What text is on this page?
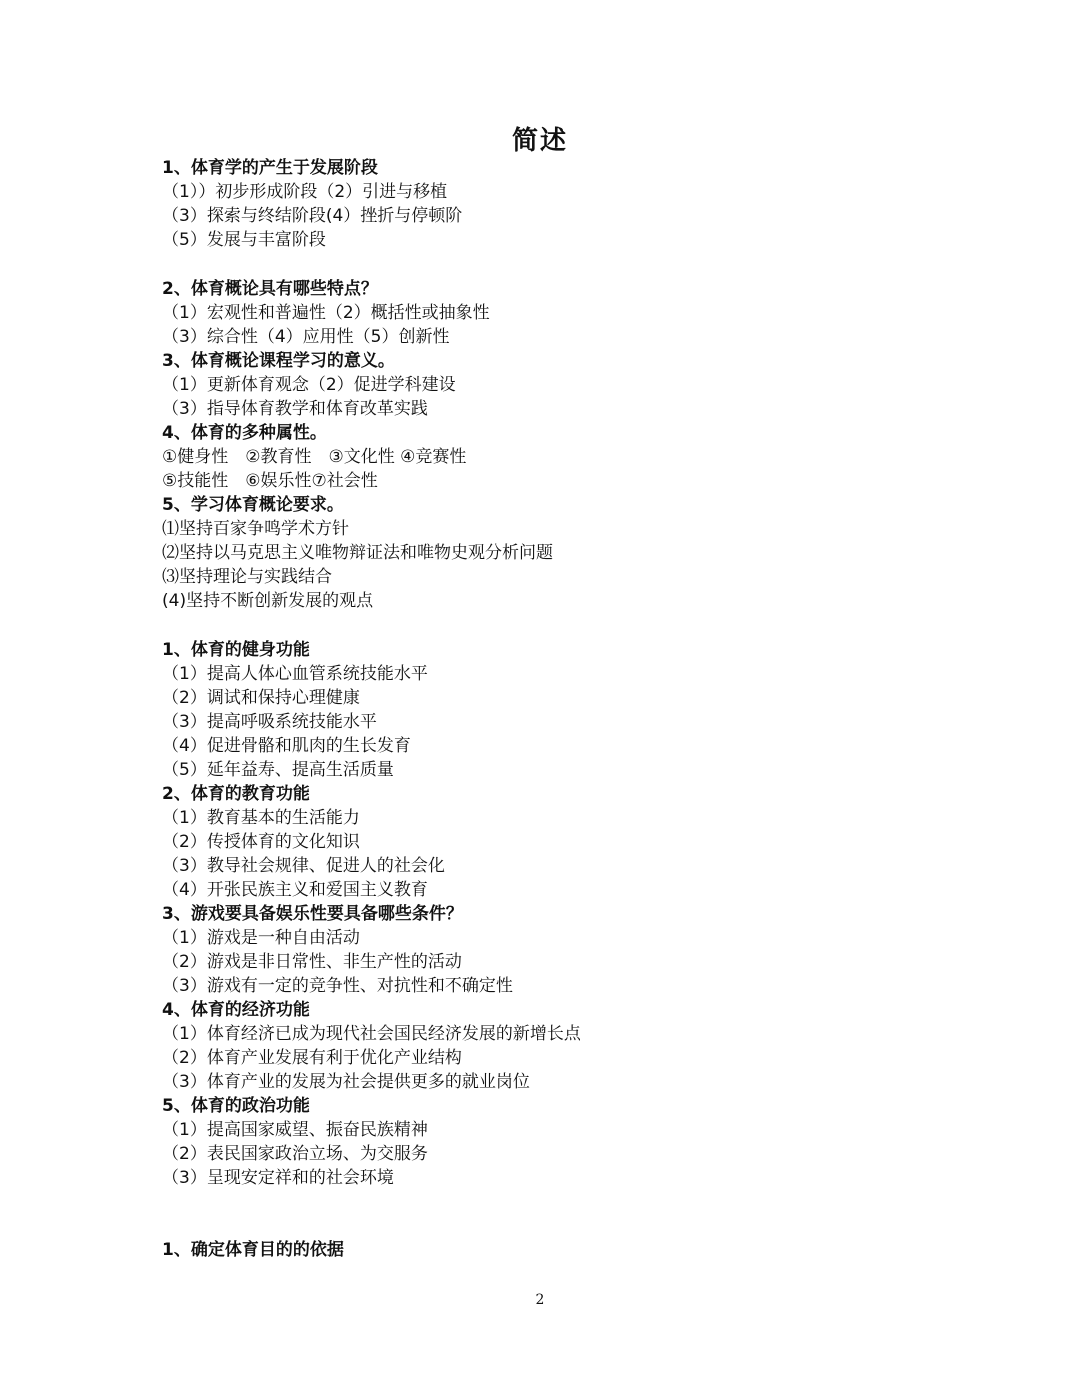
简述
1、体育学的产生于发展阶段
（1））初步形成阶段（2）引进与移植
（3）探索与终结阶段(4）挫折与停顿阶
（5）发展与丰富阶段
2、体育概论具有哪些特点？
（1）宏观性和普遍性（2）概括性或抽象性
（3）综合性（4）应用性（5）创新性
3、体育概论课程学习的意义。
（1）更新体育观念（2）促进学科建设
（3）指导体育教学和体育改革实践
4、体育的多种属性。
①健身性　②教育性　③文化性 ④竞赛性
⑤技能性　⑥娱乐性⑦社会性
5、学习体育概论要求。
⑴坚持百家争鸣学术方针
⑵坚持以马克思主义唯物辩证法和唯物史观分析问题
⑶坚持理论与实践结合
(4)坚持不断创新发展的观点
1、体育的健身功能
（1）提高人体心血管系统技能水平
（2）调试和保持心理健康
（3）提高呼吸系统技能水平
（4）促进骨骼和肌肉的生长发育
（5）延年益寿、提高生活质量
2、体育的教育功能
（1）教育基本的生活能力
（2）传授体育的文化知识
（3）教导社会规律、促进人的社会化
（4）开张民族主义和爱国主义教育
3、游戏要具备娱乐性要具备哪些条件？
（1）游戏是一种自由活动
（2）游戏是非日常性、非生产性的活动
（3）游戏有一定的竞争性、对抗性和不确定性
4、体育的经济功能
（1）体育经济已成为现代社会国民经济发展的新增长点
（2）体育产业发展有利于优化产业结构
（3）体育产业的发展为社会提供更多的就业岗位
5、体育的政治功能
（1）提高国家威望、振奋民族精神
（2）表民国家政治立场、为交服务
（3）呈现安定祥和的社会环境
1、确定体育目的的依据
2
